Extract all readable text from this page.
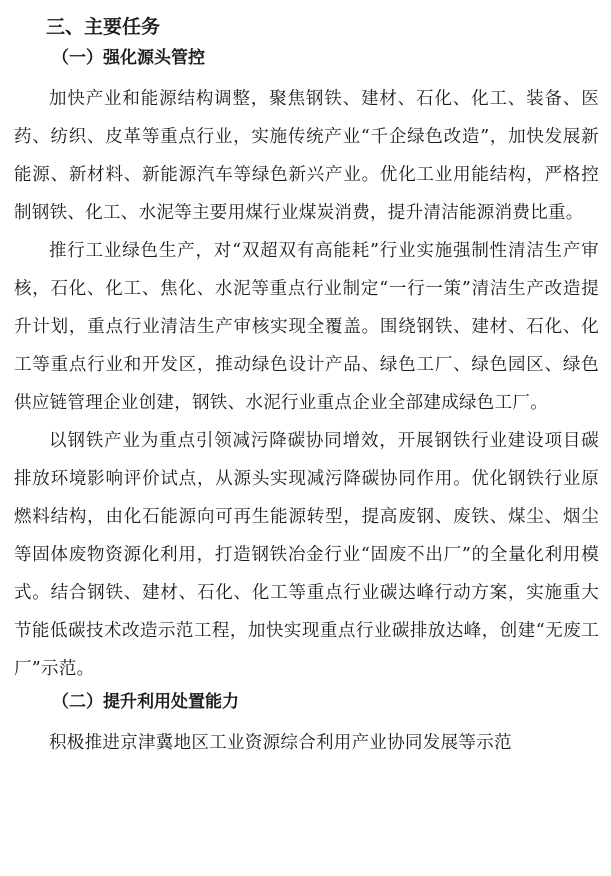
三、主要任务
（一）强化源头管控

加快产业和能源结构调整，聚焦钢铁、建材、石化、化工、装备、医药、纺织、皮革等重点行业，实施传统产业“千企绿色改造”，加快发展新能源、新材料、新能源汽车等绿色新兴产业。优化工业用能结构，严格控制钢铁、化工、水泥等主要用煤行业煤炭消费，提升清洁能源消费比重。

推行工业绿色生产，对“双超双有高能耗”行业实施强制性清洁生产审核，石化、化工、焦化、水泥等重点行业制定“一行一策”清洁生产改造提升计划，重点行业清洁生产审核实现全覆盖。围绕钢铁、建材、石化、化工等重点行业和开发区，推动绿色设计产品、绿色工厂、绿色园区、绿色供应链管理企业创建，钢铁、水泥行业重点企业全部建成绿色工厂。

以钢铁产业为重点引领减污降碳协同增效，开展钢铁行业建设项目碳排放环境影响评价试点，从源头实现减污降碳协同作用。优化钢铁行业原燃料结构，由化石能源向可再生能源转型，提高废钢、废铁、煤尘、烟尘等固体废物资源化利用，打造钢铁冶金行业“固废不出厂”的全量化利用模式。结合钢铁、建材、石化、化工等重点行业碳达峰行动方案，实施重大节能低碳技术改造示范工程，加快实现重点行业碳排放达峰，创建“无废工厂”示范。

（二）提升利用处置能力

积极推进京津冀地区工业资源综合利用产业协同发展等示范
